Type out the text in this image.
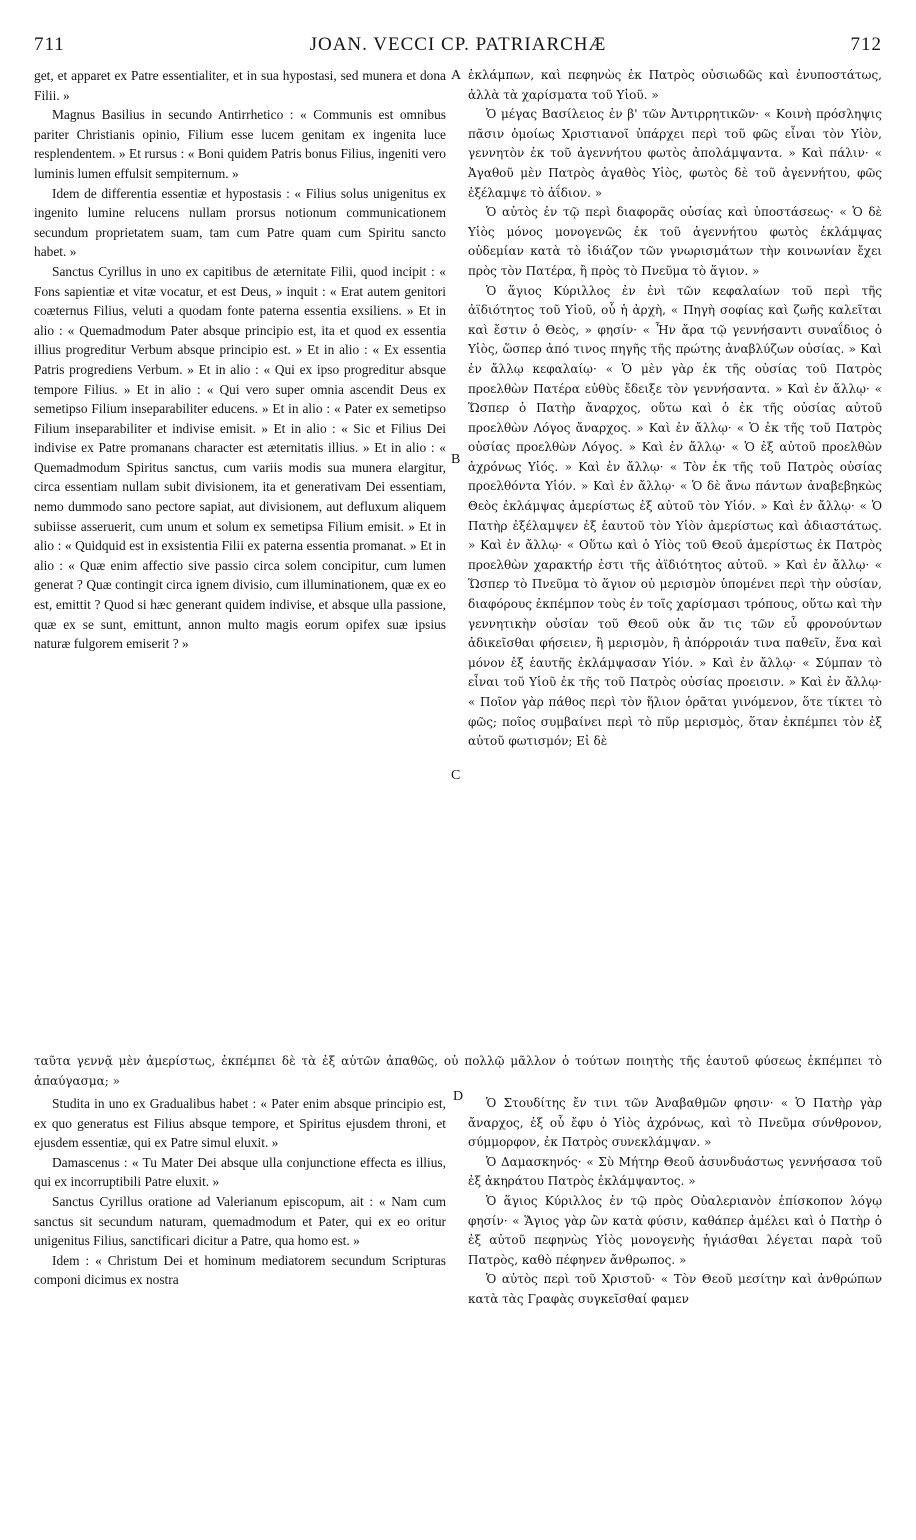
711	JOAN. VECCI CP. PATRIARCHÆ	712
A
B
C
D

get, et apparet ex Patre essentialiter, et in sua hypostasi, sed munera et dona Filii. »

Magnus Basilius in secundo Antirrhetico : « Communis est omnibus pariter Christianis opinio, Filium esse lucem genitam ex ingenita luce resplendentem. » Et rursus : « Boni quidem Patris bonus Filius, ingeniti vero luminis lumen effulsit sempiternum. »

Idem de differentia essentiæ et hypostasis : « Filius solus unigenitus ex ingenito lumine relucens nullam prorsus notionum communicationem secundum proprietatem suam, tam cum Patre quam cum Spiritu sancto habet. »

Sanctus Cyrillus in uno ex capitibus de æternitate Filii, quod incipit : « Fons sapientiæ et vitæ vocatur, et est Deus, » inquit : « Erat autem genitori coæternus Filius, veluti a quodam fonte paterna essentia exsiliens. » Et in alio : « Quemadmodum Pater absque principio est, ita et quod ex essentia illius progreditur Verbum absque principio est. » Et in alio : « Ex essentia Patris progrediens Verbum. » Et in alio : « Qui ex ipso progreditur absque tempore Filius. » Et in alio : « Qui vero super omnia ascendit Deus ex semetipso Filium inseparabiliter educens. » Et in alio : « Pater ex semetipso Filium inseparabiliter et indivise emisit. » Et in alio : « Sic et Filius Dei indivise ex Patre promanans character est æternitatis illius. » Et in alio : « Quemadmodum Spiritus sanctus, cum variis modis sua munera elargitur, circa essentiam nullam subit divisionem, ita et generativam Dei essentiam, nemo dummodo sano pectore sapiat, aut divisionem, aut defluxum aliquem subiisse asseruerit, cum unum et solum ex semetipsa Filium emisit. » Et in alio : « Quidquid est in exsistentia Filii ex paterna essentia promanat. » Et in alio : « Quæ enim affectio sive passio circa solem concipitur, cum lumen generat ? Quæ contingit circa ignem divisio, cum illuminationem, quæ ex eo est, emittit ? Quod si hæc generant quidem indivise, et absque ulla passione, quæ ex se sunt, emittunt, annon multo magis eorum opifex suæ ipsius naturæ fulgorem emiserit ? »

ἐκλάμπων, καὶ πεφηνὼς ἐκ Πατρὸς οὐσιωδῶς καὶ ἐνυποστάτως, ἀλλὰ τὰ χαρίσματα τοῦ Υἱοῦ. »

Ὁ μέγας Βασίλειος ἐν β' τῶν Ἀντιρρητικῶν· « Κοινὴ πρόσληψις πᾶσιν ὁμοίως Χριστιανοῖ ὑπάρχει περὶ τοῦ φῶς εἶναι τὸν Υἱὸν, γεννητὸν ἐκ τοῦ ἀγεννήτου φωτὸς ἀπολάμψαντα. » Καὶ πάλιν· « Ἀγαθοῦ μὲν Πατρὸς ἀγαθὸς Υἱὸς, φωτὸς δὲ τοῦ ἀγεννήτου, φῶς ἐξέλαμψε τὸ ἀΐδιον. »

Ὁ αὐτὸς ἐν τῷ περὶ διαφορᾶς οὐσίας καὶ ὑποστάσεως· « Ὁ δὲ Υἱὸς μόνος μονογενῶς ἐκ τοῦ ἀγεννήτου φωτὸς ἐκλάμψας οὐδεμίαν κατὰ τὸ ἰδιάζον τῶν γνωρισμάτων τὴν κοινωνίαν ἔχει πρὸς τὸν Πατέρα, ἢ πρὸς τὸ Πνεῦμα τὸ ἅγιον. »

Ὁ ἅγιος Κύριλλος ἐν ἑνὶ τῶν κεφαλαίων τοῦ περὶ τῆς ἀϊδιότητος τοῦ Υἱοῦ, οὗ ἡ ἀρχὴ, « Πηγὴ σοφίας καὶ ζωῆς καλεῖται καὶ ἔστιν ὁ Θεὸς, » φησίν· « Ἦν ἄρα τῷ γεννήσαντι συναΐδιος ὁ Υἱὸς, ὥσπερ ἀπό τινος πηγῆς τῆς πρώτης ἀναβλύζων οὐσίας. » Καὶ ἐν ἄλλῳ κεφαλαίῳ· « Ὁ μὲν γὰρ ἐκ τῆς οὐσίας τοῦ Πατρὸς προελθὼν Πατέρα εὐθὺς ἔδειξε τὸν γεννήσαντα. » Καὶ ἐν ἄλλῳ· « Ὥσπερ ὁ Πατὴρ ἄναρχος, οὕτω καὶ ὁ ἐκ τῆς οὐσίας αὐτοῦ προελθὼν Λόγος ἄναρχος. » Καὶ ἐν ἄλλῳ· « Ὁ ἐκ τῆς τοῦ Πατρὸς οὐσίας προελθὼν Λόγος. » Καὶ ἐν ἄλλῳ· « Ὁ ἐξ αὐτοῦ προελθὼν ἀχρόνως Υἱός. » Καὶ ἐν ἄλλῳ· « Τὸν ἐκ τῆς τοῦ Πατρὸς οὐσίας προελθόντα Υἱόν. » Καὶ ἐν ἄλλῳ· « Ὁ δὲ ἄνω πάντων ἀναβεβηκὼς Θεὸς ἐκλάμψας ἀμερίστως ἐξ αὐτοῦ τὸν Υἱόν. » Καὶ ἐν ἄλλῳ· « Ὁ Πατὴρ ἐξέλαμψεν ἐξ ἑαυτοῦ τὸν Υἱὸν ἀμερίστως καὶ ἀδιαστάτως. » Καὶ ἐν ἄλλῳ· « Οὕτω καὶ ὁ Υἱὸς τοῦ Θεοῦ ἀμερίστως ἐκ Πατρὸς προελθὼν χαρακτήρ ἐστι τῆς ἀϊδιότητος αὐτοῦ. » Καὶ ἐν ἄλλῳ· « Ὥσπερ τὸ Πνεῦμα τὸ ἅγιον οὐ μερισμὸν ὑπομένει περὶ τὴν οὐσίαν, διαφόρους ἐκπέμπον τοὺς ἐν τοῖς χαρίσμασι τρόπους, οὕτω καὶ τὴν γεννητικὴν οὐσίαν τοῦ Θεοῦ οὐκ ἄν τις τῶν εὖ φρονούντων ἀδικεῖσθαι φήσειεν, ἢ μερισμὸν, ἢ ἀπόρροιάν τινα παθεῖν, ἕνα καὶ μόνον ἐξ ἑαυτῆς ἐκλάμψασαν Υἱόν. » Καὶ ἐν ἄλλῳ· « Σύμπαν τὸ εἶναι τοῦ Υἱοῦ ἐκ τῆς τοῦ Πατρὸς οὐσίας προεισιν. » Καὶ ἐν ἄλλῳ· « Ποῖον γὰρ πάθος περὶ τὸν ἥλιον ὁρᾶται γινόμενον, ὅτε τίκτει τὸ φῶς; ποῖος συμβαίνει περὶ τὸ πῦρ μερισμὸς, ὅταν ἐκπέμπει τὸν ἐξ αὐτοῦ φωτισμόν; Εἰ δὲ

ταῦτα γεννᾷ μὲν ἀμερίστως, ἐκπέμπει δὲ τὰ ἐξ αὐτῶν ἀπαθῶς, οὐ πολλῷ μᾶλλον ὁ τούτων ποιητὴς τῆς ἑαυτοῦ φύσεως ἐκπέμπει τὸ ἀπαύγασμα; »

Studita in uno ex Gradualibus habet : « Pater enim absque principio est, ex quo generatus est Filius absque tempore, et Spiritus ejusdem throni, et ejusdem essentiæ, qui ex Patre simul eluxit. »

Damascenus : « Tu Mater Dei absque ulla conjunctione effecta es illius, qui ex incorruptibili Patre eluxit. »

Sanctus Cyrillus oratione ad Valerianum episcopum, ait : « Nam cum sanctus sit secundum naturam, quemadmodum et Pater, qui ex eo oritur unigenitus Filius, sanctificari dicitur a Patre, qua homo est. »

Idem : « Christum Dei et hominum mediatorem secundum Scripturas componi dicimus ex nostra

Ὁ Στουδίτης ἔν τινι τῶν Ἀναβαθμῶν φησιν· « Ὁ Πατὴρ γὰρ ἄναρχος, ἐξ οὗ ἔφυ ὁ Υἱὸς ἀχρόνως, καὶ τὸ Πνεῦμα σύνθρονον, σύμμορφον, ἐκ Πατρὸς συνεκλάμψαν. »

Ὁ Δαμασκηνός· « Σὺ Μήτηρ Θεοῦ ἀσυνδυάστως γεννήσασα τοῦ ἐξ ἀκηράτου Πατρὸς ἐκλάμψαντος. »

Ὁ ἅγιος Κύριλλος ἐν τῷ πρὸς Οὐαλεριανὸν ἐπίσκοπον λόγῳ φησίν· « Ἅγιος γὰρ ὢν κατὰ φύσιν, καθάπερ ἀμέλει καὶ ὁ Πατὴρ ὁ ἐξ αὐτοῦ πεφηνὼς Υἱὸς μονογενὴς ἡγιάσθαι λέγεται παρὰ τοῦ Πατρὸς, καθὸ πέφηνεν ἄνθρωπος. »

Ὁ αὐτὸς περὶ τοῦ Χριστοῦ· « Τὸν Θεοῦ μεσίτην καὶ ἀνθρώπων κατὰ τὰς Γραφὰς συγκεῖσθαί φαμεν
